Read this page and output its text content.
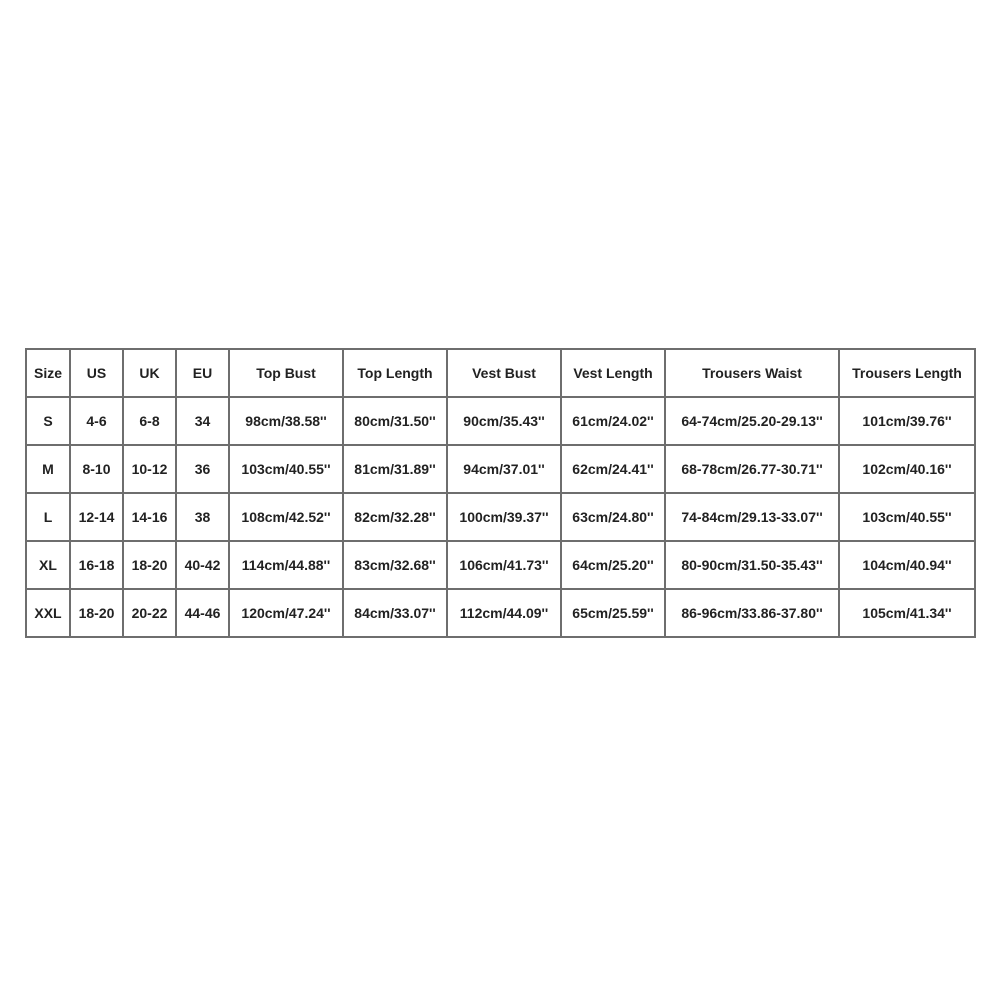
Size	US	UK	EU	Top Bust	Top Length	Vest Bust	Vest Length	Trousers Waist	Trousers Length
S	4-6	6-8	34	98cm/38.58''	80cm/31.50''	90cm/35.43''	61cm/24.02''	64-74cm/25.20-29.13''	101cm/39.76''
M	8-10	10-12	36	103cm/40.55''	81cm/31.89''	94cm/37.01''	62cm/24.41''	68-78cm/26.77-30.71''	102cm/40.16''
L	12-14	14-16	38	108cm/42.52''	82cm/32.28''	100cm/39.37''	63cm/24.80''	74-84cm/29.13-33.07''	103cm/40.55''
XL	16-18	18-20	40-42	114cm/44.88''	83cm/32.68''	106cm/41.73''	64cm/25.20''	80-90cm/31.50-35.43''	104cm/40.94''
XXL	18-20	20-22	44-46	120cm/47.24''	84cm/33.07''	112cm/44.09''	65cm/25.59''	86-96cm/33.86-37.80''	105cm/41.34''
